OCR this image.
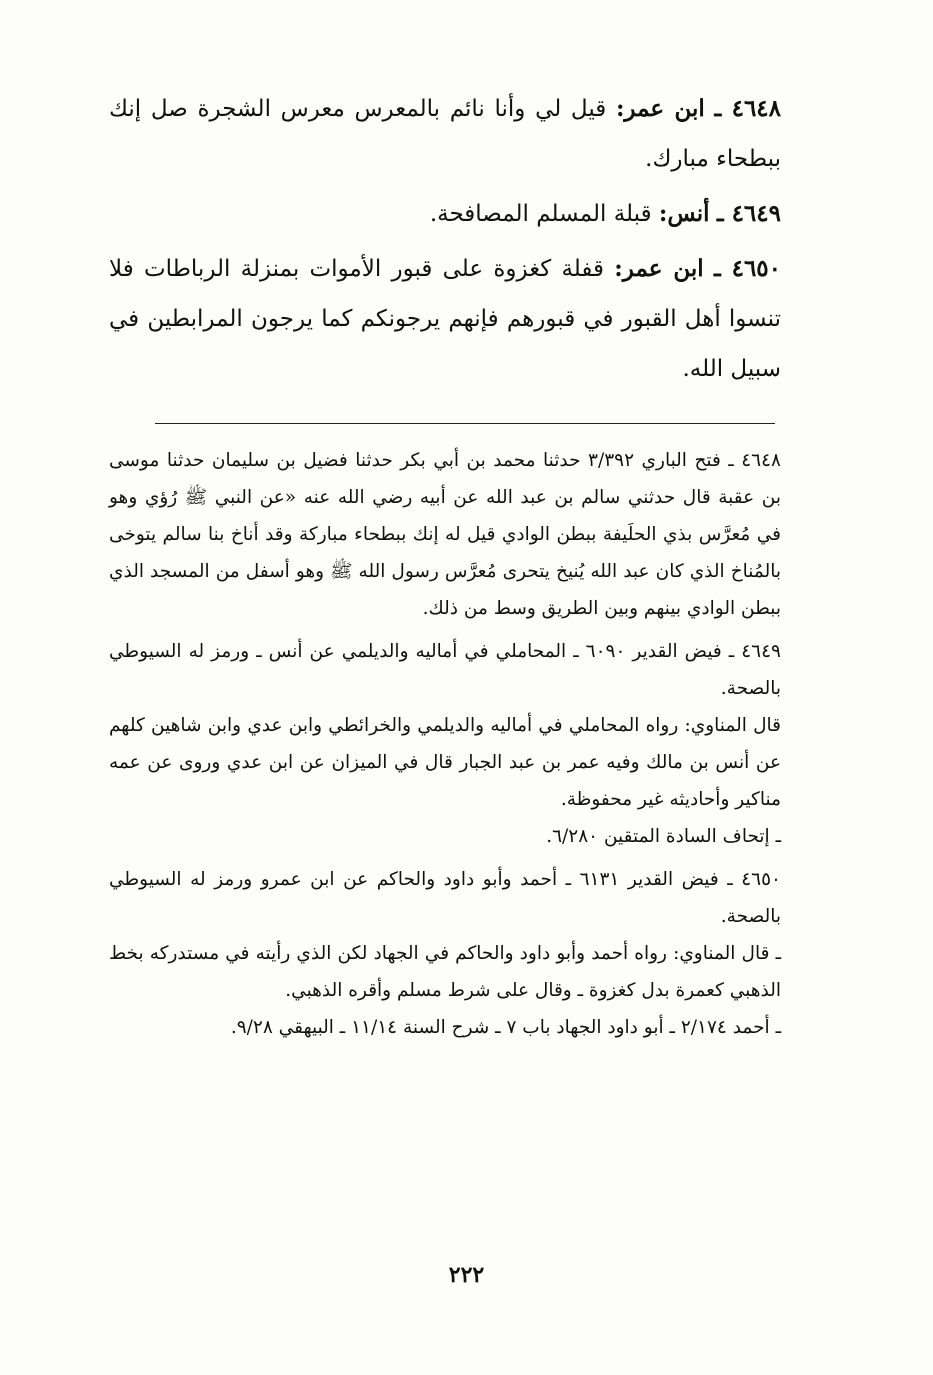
٤٦٤٨ ـ ابن عمر: قيل لي وأنا نائم بالمعرس معرس الشجرة صل إنك ببطحاء مبارك.

٤٦٤٩ ـ أنس: قبلة المسلم المصافحة.

٤٦٥٠ ـ ابن عمر: قفلة كغزوة على قبور الأموات بمنزلة الرباطات فلا تنسوا أهل القبور في قبورهم فإنهم يرجونكم كما يرجون المرابطين في سبيل الله.

٤٦٤٨ ـ فتح الباري ٣/٣٩٢ حدثنا محمد بن أبي بكر حدثنا فضيل بن سليمان حدثنا موسى بن عقبة قال حدثني سالم بن عبد الله عن أبيه رضي الله عنه «عن النبي ﷺ رُؤي وهو في مُعرَّس بذي الحلَيفة ببطن الوادي قيل له إنك ببطحاء مباركة وقد أناخ بنا سالم يتوخى بالمُناخ الذي كان عبد الله يُنيخ يتحرى مُعرَّس رسول الله ﷺ وهو أسفل من المسجد الذي ببطن الوادي بينهم وبين الطريق وسط من ذلك.

٤٦٤٩ ـ فيض القدير ٦٠٩٠ ـ المحاملي في أماليه والديلمي عن أنس ـ ورمز له السيوطي بالصحة.

قال المناوي: رواه المحاملي في أماليه والديلمي والخرائطي وابن عدي وابن شاهين كلهم عن أنس بن مالك وفيه عمر بن عبد الجبار قال في الميزان عن ابن عدي وروى عن عمه مناكير وأحاديثه غير محفوظة.

ـ إتحاف السادة المتقين ٦/٢٨٠.

٤٦٥٠ ـ فيض القدير ٦١٣١ ـ أحمد وأبو داود والحاكم عن ابن عمرو ورمز له السيوطي بالصحة.

ـ قال المناوي: رواه أحمد وأبو داود والحاكم في الجهاد لكن الذي رأيته في مستدركه بخط الذهبي كعمرة بدل كغزوة ـ وقال على شرط مسلم وأقره الذهبي.

ـ أحمد ٢/١٧٤ ـ أبو داود الجهاد باب ٧ ـ شرح السنة ١١/١٤ ـ البيهقي ٩/٢٨.

٢٢٢
